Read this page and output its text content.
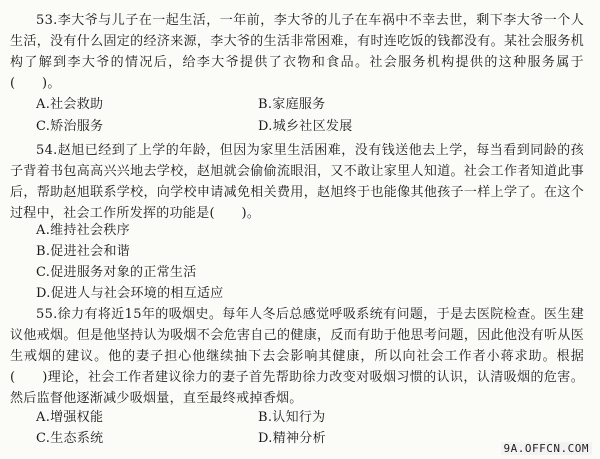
53.李大爷与儿子在一起生活，一年前，李大爷的儿子在车祸中不幸去世，剩下李大爷一个人生活，没有什么固定的经济来源，李大爷的生活非常困难，有时连吃饭的钱都没有。某社会服务机构了解到李大爷的情况后，给李大爷提供了衣物和食品。社会服务机构提供的这种服务属于(　　)。

A.社会救助	B.家庭服务
C.矫治服务	D.城乡社区发展

54.赵旭已经到了上学的年龄，但因为家里生活困难，没有钱送他去上学，每当看到同龄的孩子背着书包高高兴兴地去学校，赵旭就会偷偷流眼泪，又不敢让家里人知道。社会工作者知道此事后，帮助赵旭联系学校，向学校申请减免相关费用，赵旭终于也能像其他孩子一样上学了。在这个过程中，社会工作所发挥的功能是(　　)。

A.维持社会秩序
B.促进社会和谐
C.促进服务对象的正常生活
D.促进人与社会环境的相互适应

55.徐力有将近15年的吸烟史。每年人冬后总感觉呼吸系统有问题，于是去医院检查。医生建议他戒烟。但是他坚持认为吸烟不会危害自己的健康，反而有助于他思考问题，因此他没有听从医生戒烟的建议。他的妻子担心他继续抽下去会影响其健康，所以向社会工作者小蒋求助。根据(　　)理论，社会工作者建议徐力的妻子首先帮助徐力改变对吸烟习惯的认识，认清吸烟的危害。然后监督他逐渐减少吸烟量，直至最终戒掉香烟。

A.增强权能	B.认知行为
C.生态系统	D.精神分析
9A.OFFCN.COM
